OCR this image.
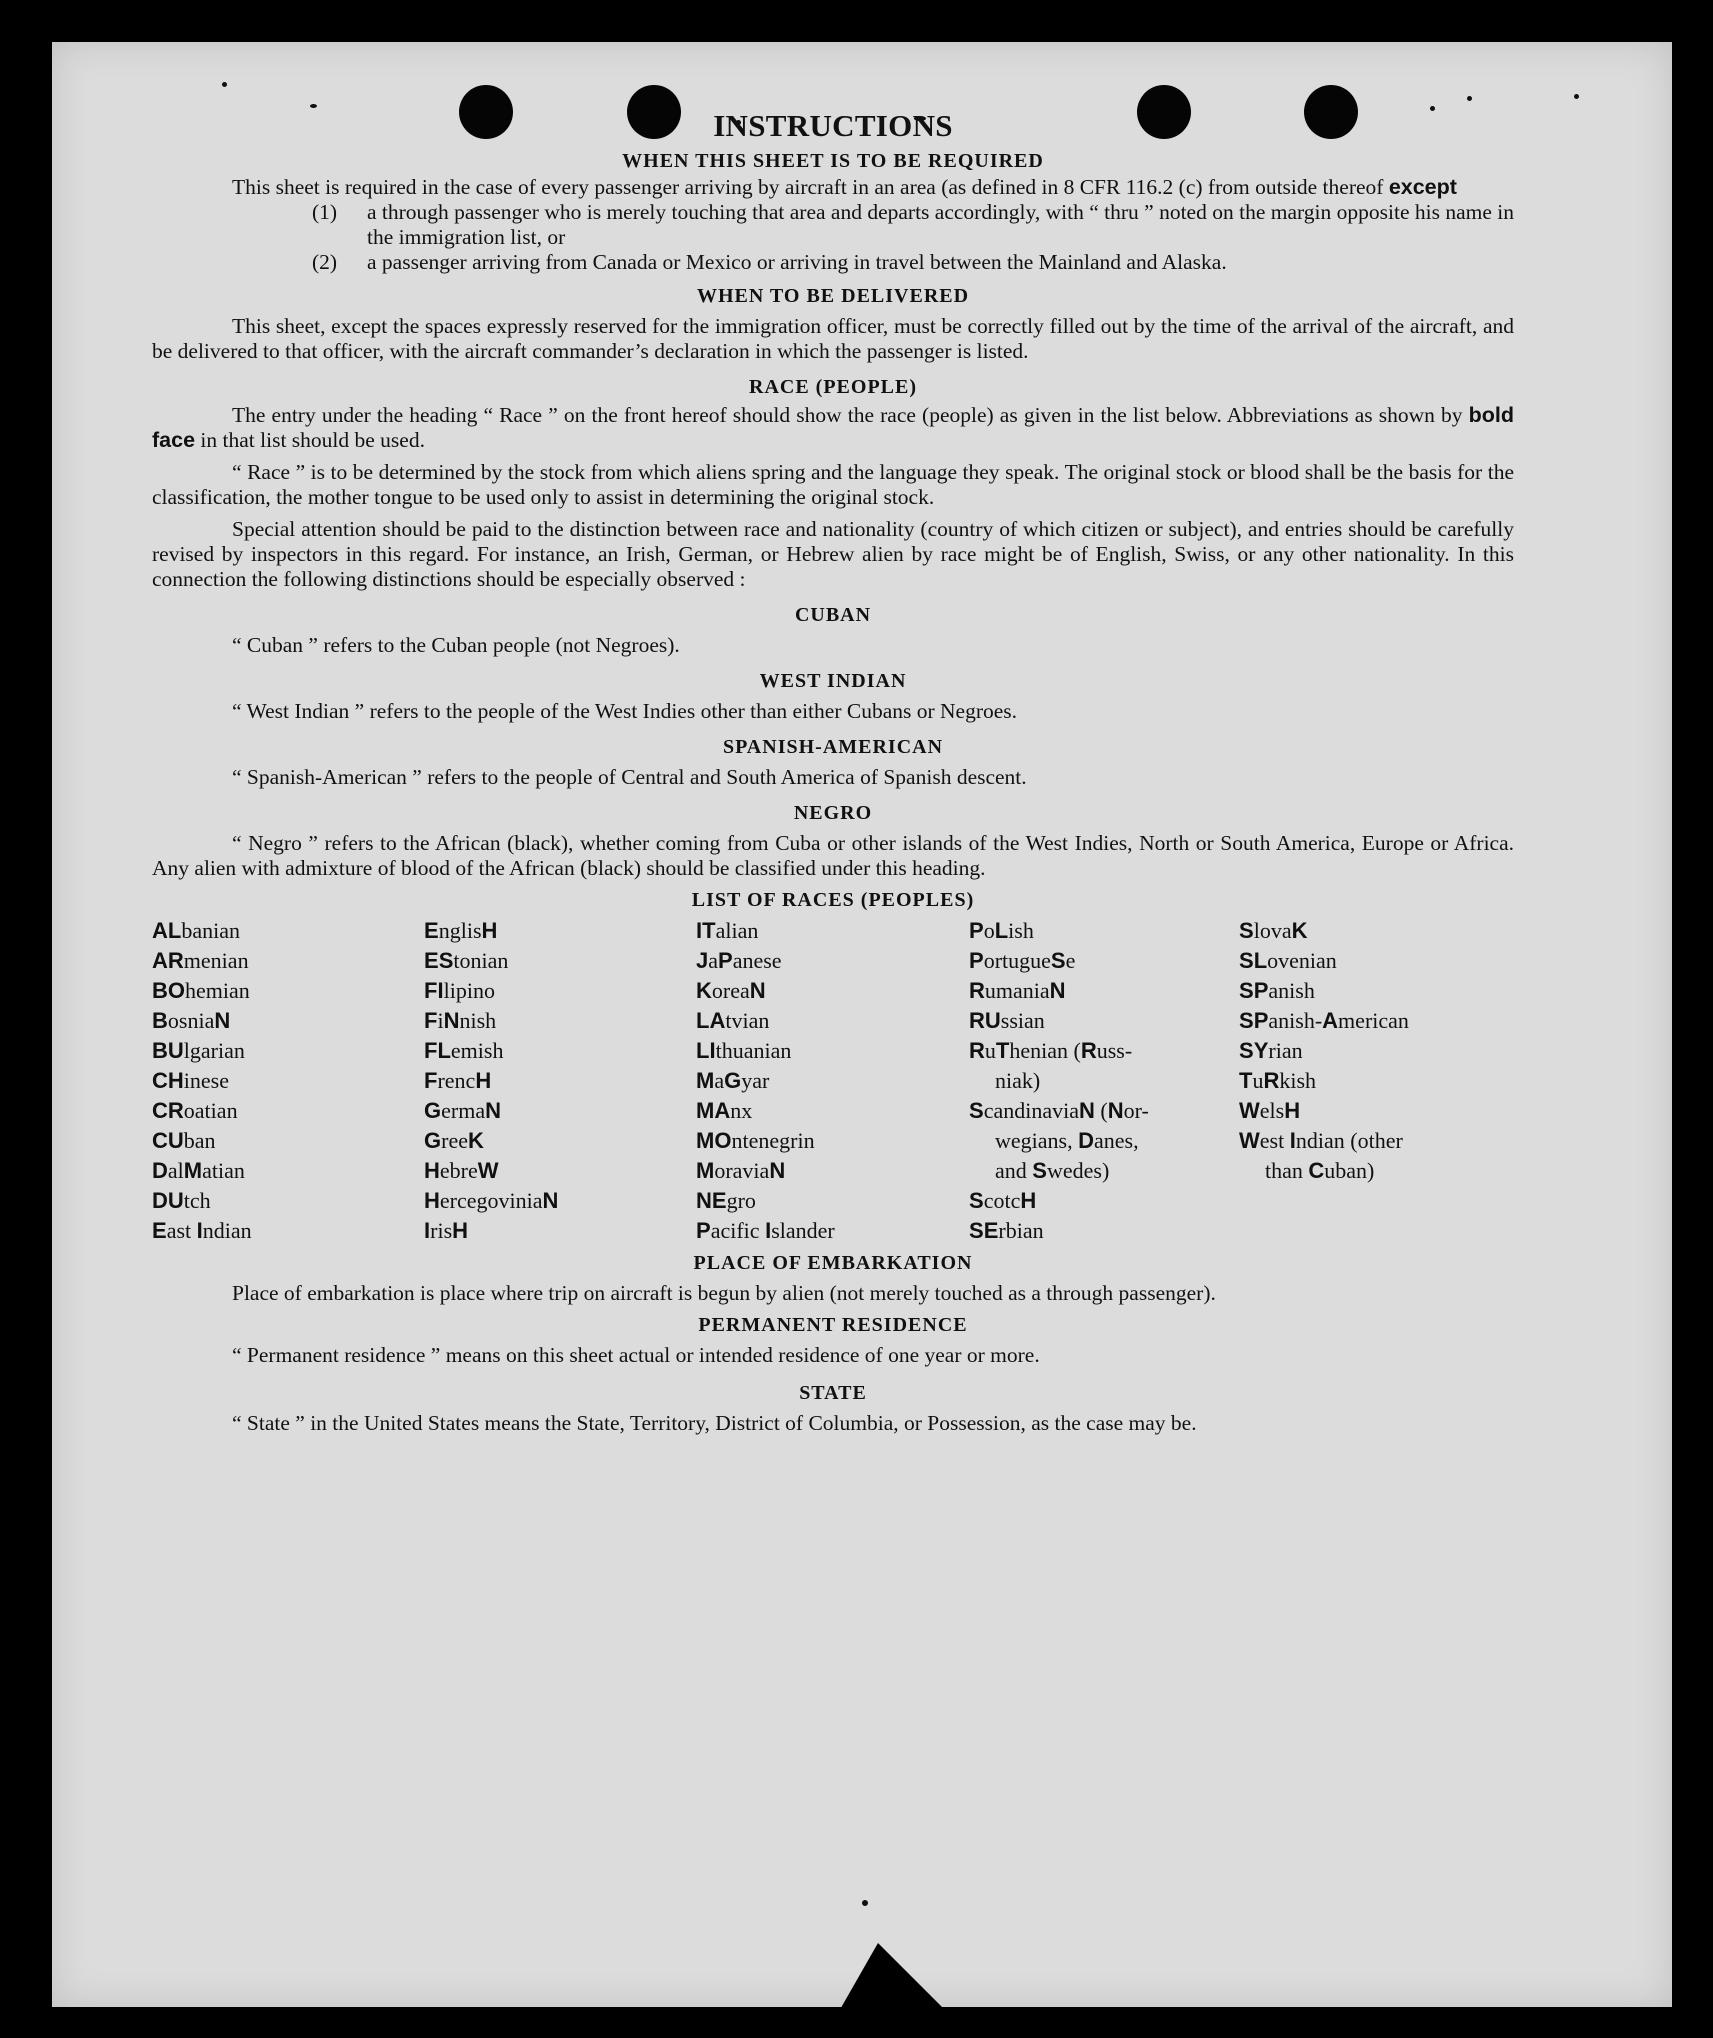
INSTRUCTIONS
WHEN THIS SHEET IS TO BE REQUIRED

This sheet is required in the case of every passenger arriving by aircraft in an area (as defined in 8 CFR 116.2 (c) from outside thereof except

(1)	a through passenger who is merely touching that area and departs accordingly, with “ thru ” noted on the margin opposite his name in the immigration list, or
(2)	a passenger arriving from Canada or Mexico or arriving in travel between the Mainland and Alaska.
WHEN TO BE DELIVERED

This sheet, except the spaces expressly reserved for the immigration officer, must be correctly filled out by the time of the arrival of the aircraft, and be delivered to that officer, with the aircraft commander’s declaration in which the passenger is listed.

RACE (PEOPLE)

The entry under the heading “ Race ” on the front hereof should show the race (people) as given in the list below. Abbreviations as shown by bold face in that list should be used.

“ Race ” is to be determined by the stock from which aliens spring and the language they speak. The original stock or blood shall be the basis for the classification, the mother tongue to be used only to assist in determining the original stock.

Special attention should be paid to the distinction between race and nationality (country of which citizen or subject), and entries should be carefully revised by inspectors in this regard. For instance, an Irish, German, or Hebrew alien by race might be of English, Swiss, or any other nationality. In this connection the following distinctions should be especially observed :

CUBAN

“ Cuban ” refers to the Cuban people (not Negroes).

WEST INDIAN

“ West Indian ” refers to the people of the West Indies other than either Cubans or Negroes.

SPANISH-AMERICAN

“ Spanish-American ” refers to the people of Central and South America of Spanish descent.

NEGRO

“ Negro ” refers to the African (black), whether coming from Cuba or other islands of the West Indies, North or South America, Europe or Africa. Any alien with admixture of blood of the African (black) should be classified under this heading.

LIST OF RACES (PEOPLES)
ALbanian
ARmenian
BOhemian
BosniaN
BUlgarian
CHinese
CRoatian
CUban
DalMatian
DUtch
East Indian
EnglisH
EStonian
FIlipino
FiNnish
FLemish
FrencH
GermaN
GreeK
HebreW
HercegoviniaN
IrisH
ITalian
JaPanese
KoreaN
LAtvian
LIthuanian
MaGyar
MAnx
MOntenegrin
MoraviaN
NEgro
Pacific Islander
PoLish
PortugueSe
RumaniaN
RUssian
RuThenian (Russ-
niak)
ScandinaviaN (Nor-
wegians, Danes,
and Swedes)
ScotcH
SErbian
SlovaK
SLovenian
SPanish
SPanish-American
SYrian
TuRkish
WelsH
West Indian (other
than Cuban)
PLACE OF EMBARKATION

Place of embarkation is place where trip on aircraft is begun by alien (not merely touched as a through passenger).

PERMANENT RESIDENCE

“ Permanent residence ” means on this sheet actual or intended residence of one year or more.

STATE

“ State ” in the United States means the State, Territory, District of Columbia, or Possession, as the case may be.
